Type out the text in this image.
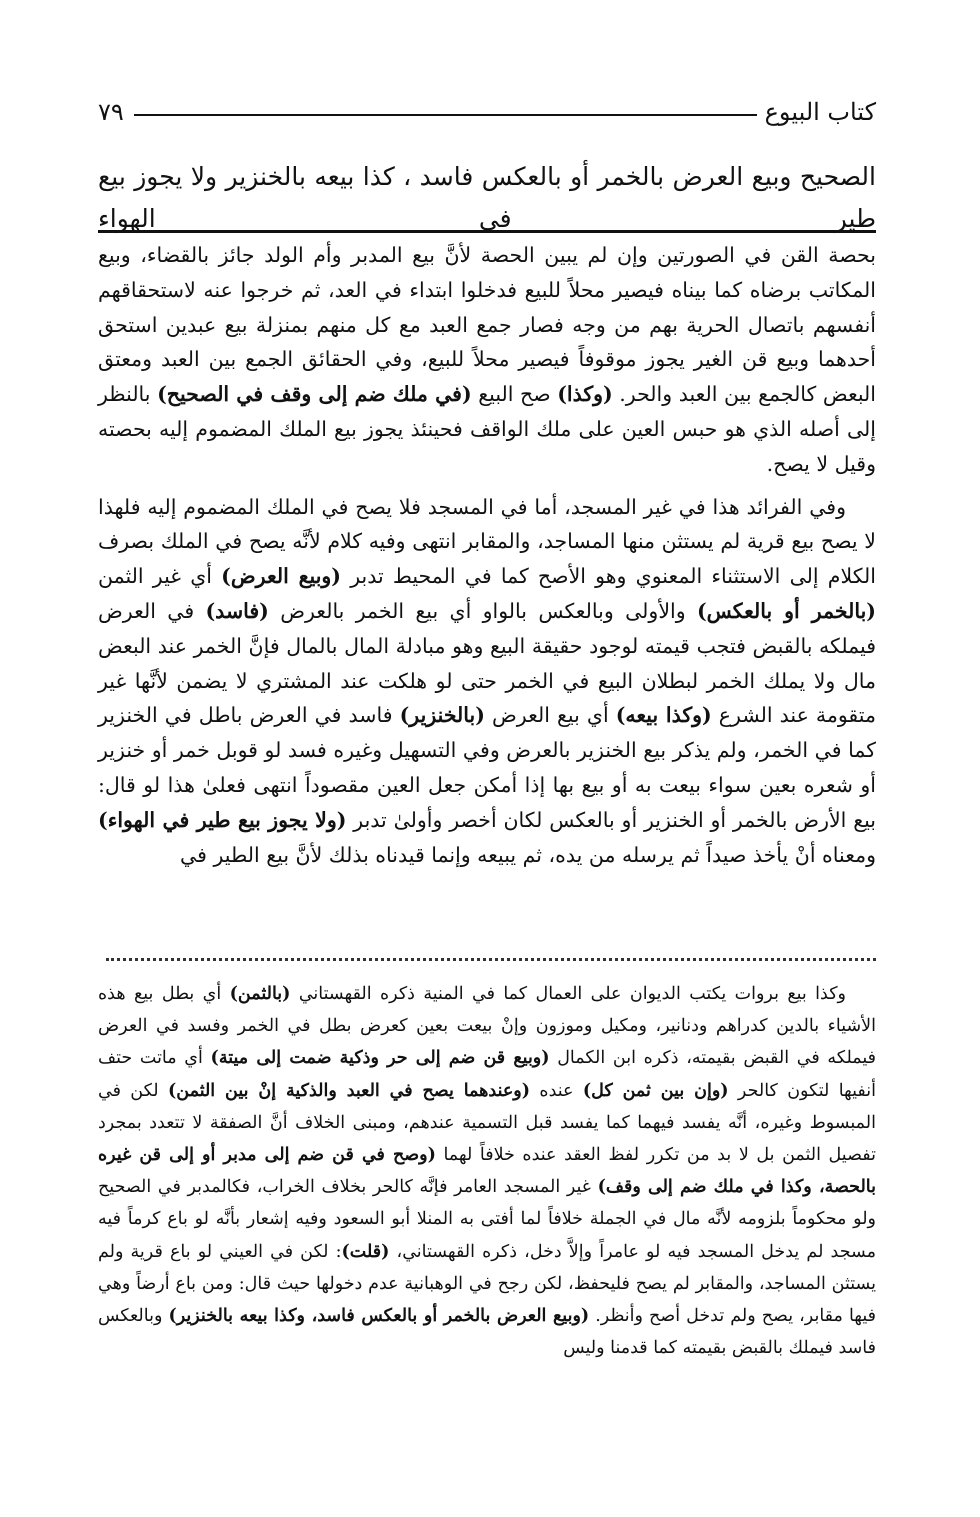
كتاب البيوع
٧٩
الصحيح وبيع العرض بالخمر أو بالعكس فاسد ، كذا بيعه بالخنزير ولا يجوز بيع طير في الهواء

بحصة القن في الصورتين وإن لم يبين الحصة لأنَّ بيع المدبر وأم الولد جائز بالقضاء، وبيع المكاتب برضاه كما بيناه فيصير محلاً للبيع فدخلوا ابتداء في العد، ثم خرجوا عنه لاستحقاقهم أنفسهم باتصال الحرية بهم من وجه فصار جمع العبد مع كل منهم بمنزلة بيع عبدين استحق أحدهما وبيع قن الغير يجوز موقوفاً فيصير محلاً للبيع، وفي الحقائق الجمع بين العبد ومعتق البعض كالجمع بين العبد والحر. (وكذا) صح البيع (في ملك ضم إلى وقف في الصحيح) بالنظر إلى أصله الذي هو حبس العين على ملك الواقف فحينئذ يجوز بيع الملك المضموم إليه بحصته وقيل لا يصح.

وفي الفرائد هذا في غير المسجد، أما في المسجد فلا يصح في الملك المضموم إليه فلهذا لا يصح بيع قرية لم يستثن منها المساجد، والمقابر انتهى وفيه كلام لأنَّه يصح في الملك بصرف الكلام إلى الاستثناء المعنوي وهو الأصح كما في المحيط تدبر (وبيع العرض) أي غير الثمن (بالخمر أو بالعكس) والأولى وبالعكس بالواو أي بيع الخمر بالعرض (فاسد) في العرض فيملكه بالقبض فتجب قيمته لوجود حقيقة البيع وهو مبادلة المال بالمال فإنَّ الخمر عند البعض مال ولا يملك الخمر لبطلان البيع في الخمر حتى لو هلكت عند المشتري لا يضمن لأنَّها غير متقومة عند الشرع (وكذا بيعه) أي بيع العرض (بالخنزير) فاسد في العرض باطل في الخنزير كما في الخمر، ولم يذكر بيع الخنزير بالعرض وفي التسهيل وغيره فسد لو قوبل خمر أو خنزير أو شعره بعين سواء بيعت به أو بيع بها إذا أمكن جعل العين مقصوداً انتهى فعلىٰ هذا لو قال: بيع الأرض بالخمر أو الخنزير أو بالعكس لكان أخصر وأولىٰ تدبر (ولا يجوز بيع طير في الهواء) ومعناه أنْ يأخذ صيداً ثم يرسله من يده، ثم يبيعه وإنما قيدناه بذلك لأنَّ بيع الطير في

وكذا بيع بروات يكتب الديوان على العمال كما في المنية ذكره القهستاني (بالثمن) أي بطل بيع هذه الأشياء بالدين كدراهم ودنانير، ومكيل وموزون وإنْ بيعت بعين كعرض بطل في الخمر وفسد في العرض فيملكه في القبض بقيمته، ذكره ابن الكمال (وبيع قن ضم إلى حر وذكية ضمت إلى ميتة) أي ماتت حتف أنفيها لتكون كالحر (وإن بين ثمن كل) عنده (وعندهما يصح في العبد والذكية إنْ بين الثمن) لكن في المبسوط وغيره، أنَّه يفسد فيهما كما يفسد قبل التسمية عندهم، ومبنى الخلاف أنَّ الصفقة لا تتعدد بمجرد تفصيل الثمن بل لا بد من تكرر لفظ العقد عنده خلافاً لهما (وصح في قن ضم إلى مدبر أو إلى قن غيره بالحصة، وكذا في ملك ضم إلى وقف) غير المسجد العامر فإنَّه كالحر بخلاف الخراب، فكالمدبر في الصحيح ولو محكوماً بلزومه لأنَّه مال في الجملة خلافاً لما أفتى به المنلا أبو السعود وفيه إشعار بأنَّه لو باع كرماً فيه مسجد لم يدخل المسجد فيه لو عامراً وإلاَّ دخل، ذكره القهستاني، (قلت): لكن في العيني لو باع قرية ولم يستثن المساجد، والمقابر لم يصح فليحفظ، لكن رجح في الوهبانية عدم دخولها حيث قال: ومن باع أرضاً وهي فيها مقابر، يصح ولم تدخل أصح وأنظر. (وبيع العرض بالخمر أو بالعكس فاسد، وكذا بيعه بالخنزير) وبالعكس فاسد فيملك بالقبض بقيمته كما قدمنا وليس
